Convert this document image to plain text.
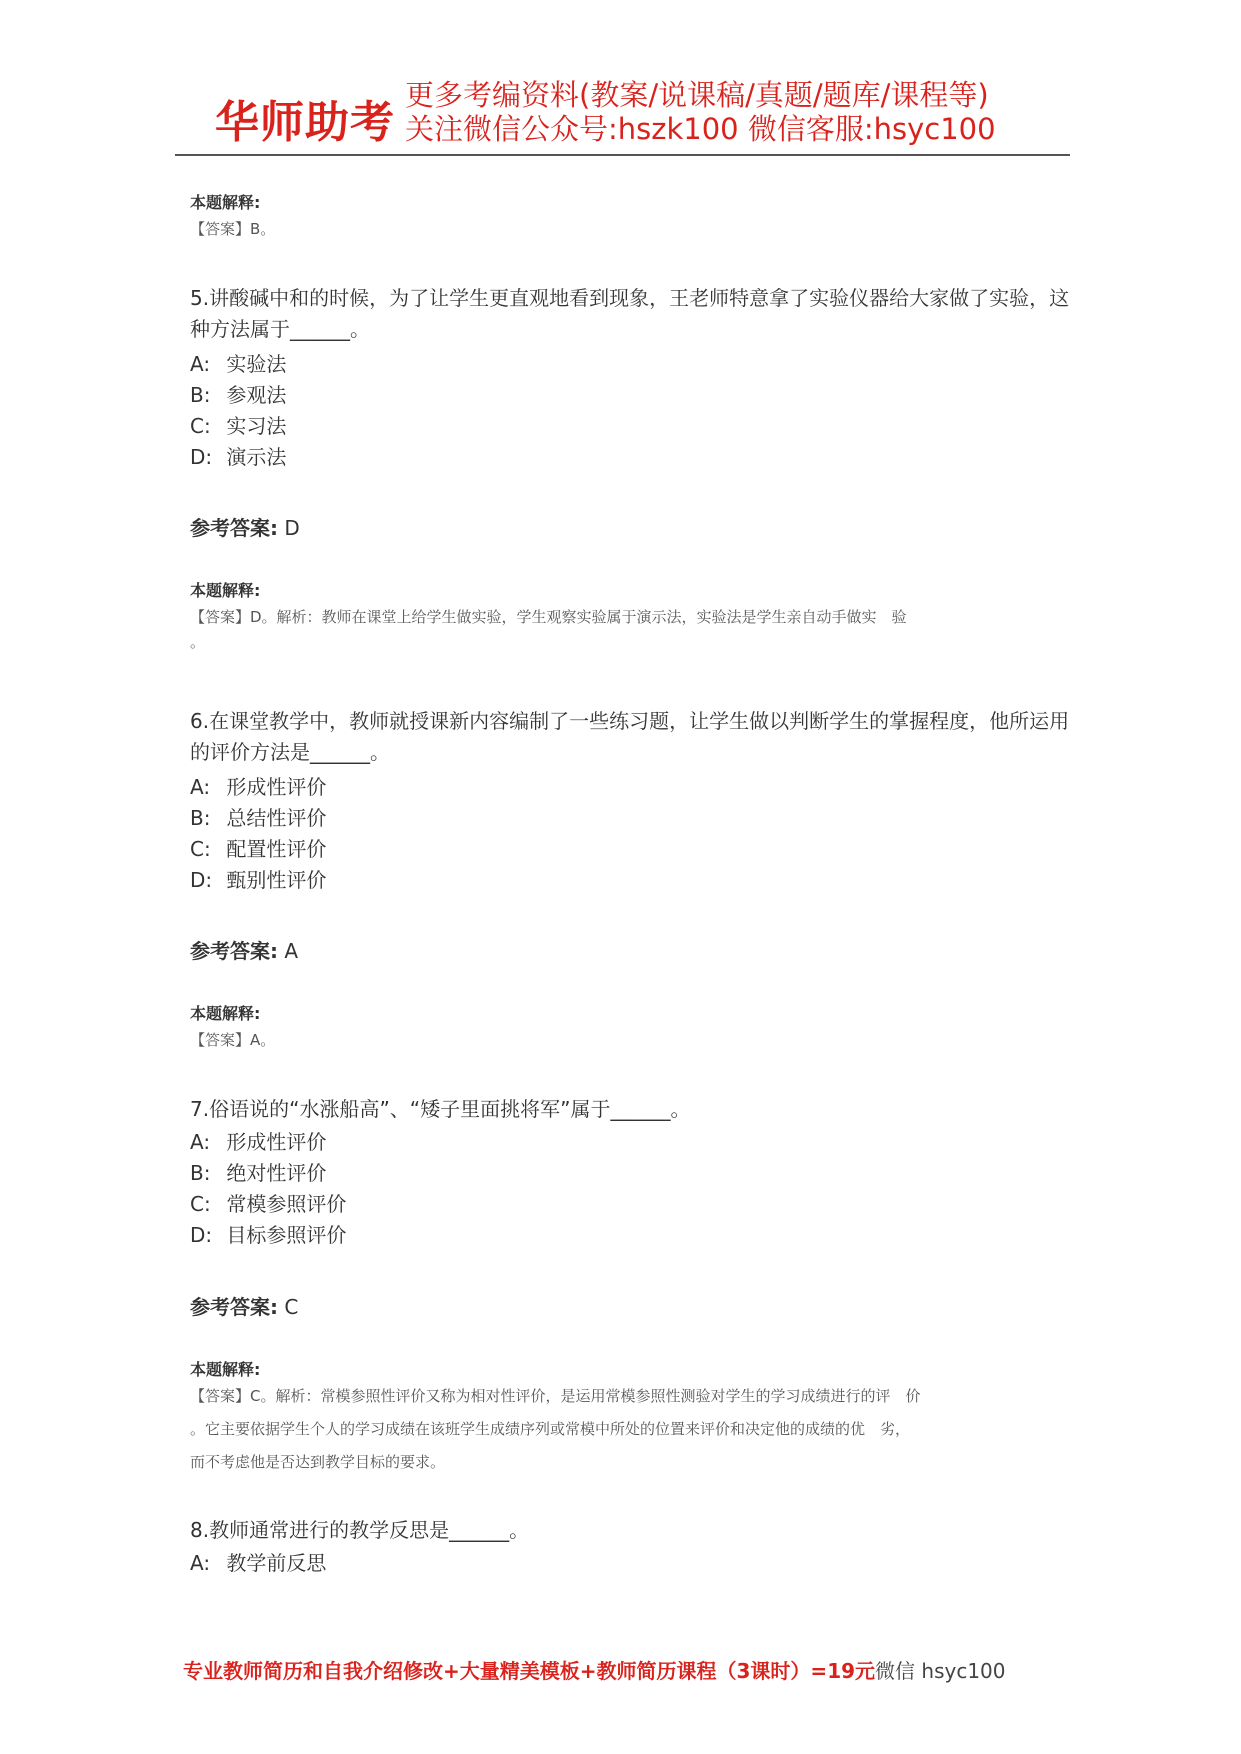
华师助考
更多考编资料(教案/说课稿/真题/题库/课程等)
关注微信公众号:hszk100 微信客服:hsyc100
本题解释:
【答案】B。
5.讲酸碱中和的时候，为了让学生更直观地看到现象，王老师特意拿了实验仪器给大家做了实验，这种方法属于______。
A: 实验法
B: 参观法
C: 实习法
D: 演示法
参考答案: D
本题解释:
【答案】D。解析：教师在课堂上给学生做实验，学生观察实验属于演示法，实验法是学生亲自动手做实　验
。
6.在课堂教学中，教师就授课新内容编制了一些练习题，让学生做以判断学生的掌握程度，他所运用的评价方法是______。
A: 形成性评价
B: 总结性评价
C: 配置性评价
D: 甄别性评价
参考答案: A
本题解释:
【答案】A。
7.俗语说的“水涨船高”、“矮子里面挑将军”属于______。
A: 形成性评价
B: 绝对性评价
C: 常模参照评价
D: 目标参照评价
参考答案: C
本题解释:
【答案】C。解析：常模参照性评价又称为相对性评价，是运用常模参照性测验对学生的学习成绩进行的评　价
。它主要依据学生个人的学习成绩在该班学生成绩序列或常模中所处的位置来评价和决定他的成绩的优　劣，
而不考虑他是否达到教学目标的要求。
8.教师通常进行的教学反思是______。
A: 教学前反思
专业教师简历和自我介绍修改+大量精美模板+教师简历课程（3课时）=19元微信 hsyc100
